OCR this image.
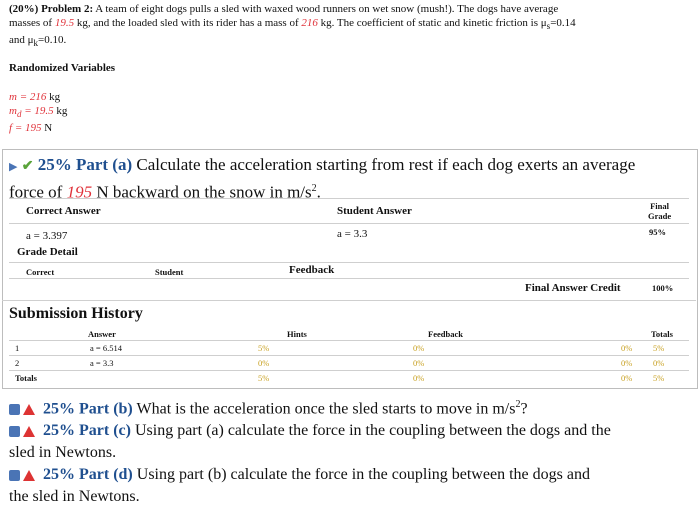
(20%) Problem 2: A team of eight dogs pulls a sled with waxed wood runners on wet snow (mush!). The dogs have average
masses of 19.5 kg, and the loaded sled with its rider has a mass of 216 kg. The coefficient of static and kinetic friction is $\mu_s=0.14$
and $\mu_k=0.10$.
Randomized Variables
m = 216 kg
$m_d = 19.5$ kg
f = 195 N
▶ ✔ 25% Part (a) Calculate the acceleration starting from rest if each dog exerts an average
force of 195 N backward on the snow in $m/s^2$.
Correct Answer	Student Answer	Final
Grade
a = 3.397	a = 3.3	95%
Grade Detail
Correct	Student	Feedback
Final Answer Credit	100%
Submission History
Answer	Hints	Feedback	Totals
1	a = 6.514	5%	0%	0% 5%
2	a = 3.3	0%	0%	0% 0%
Totals	5%	0%	0% 5%
25% Part (b) What is the acceleration once the sled starts to move in $m/s^2$?
25% Part (c) Using part (a) calculate the force in the coupling between the dogs and the
sled in Newtons.
25% Part (d) Using part (b) calculate the force in the coupling between the dogs and
the sled in Newtons.
